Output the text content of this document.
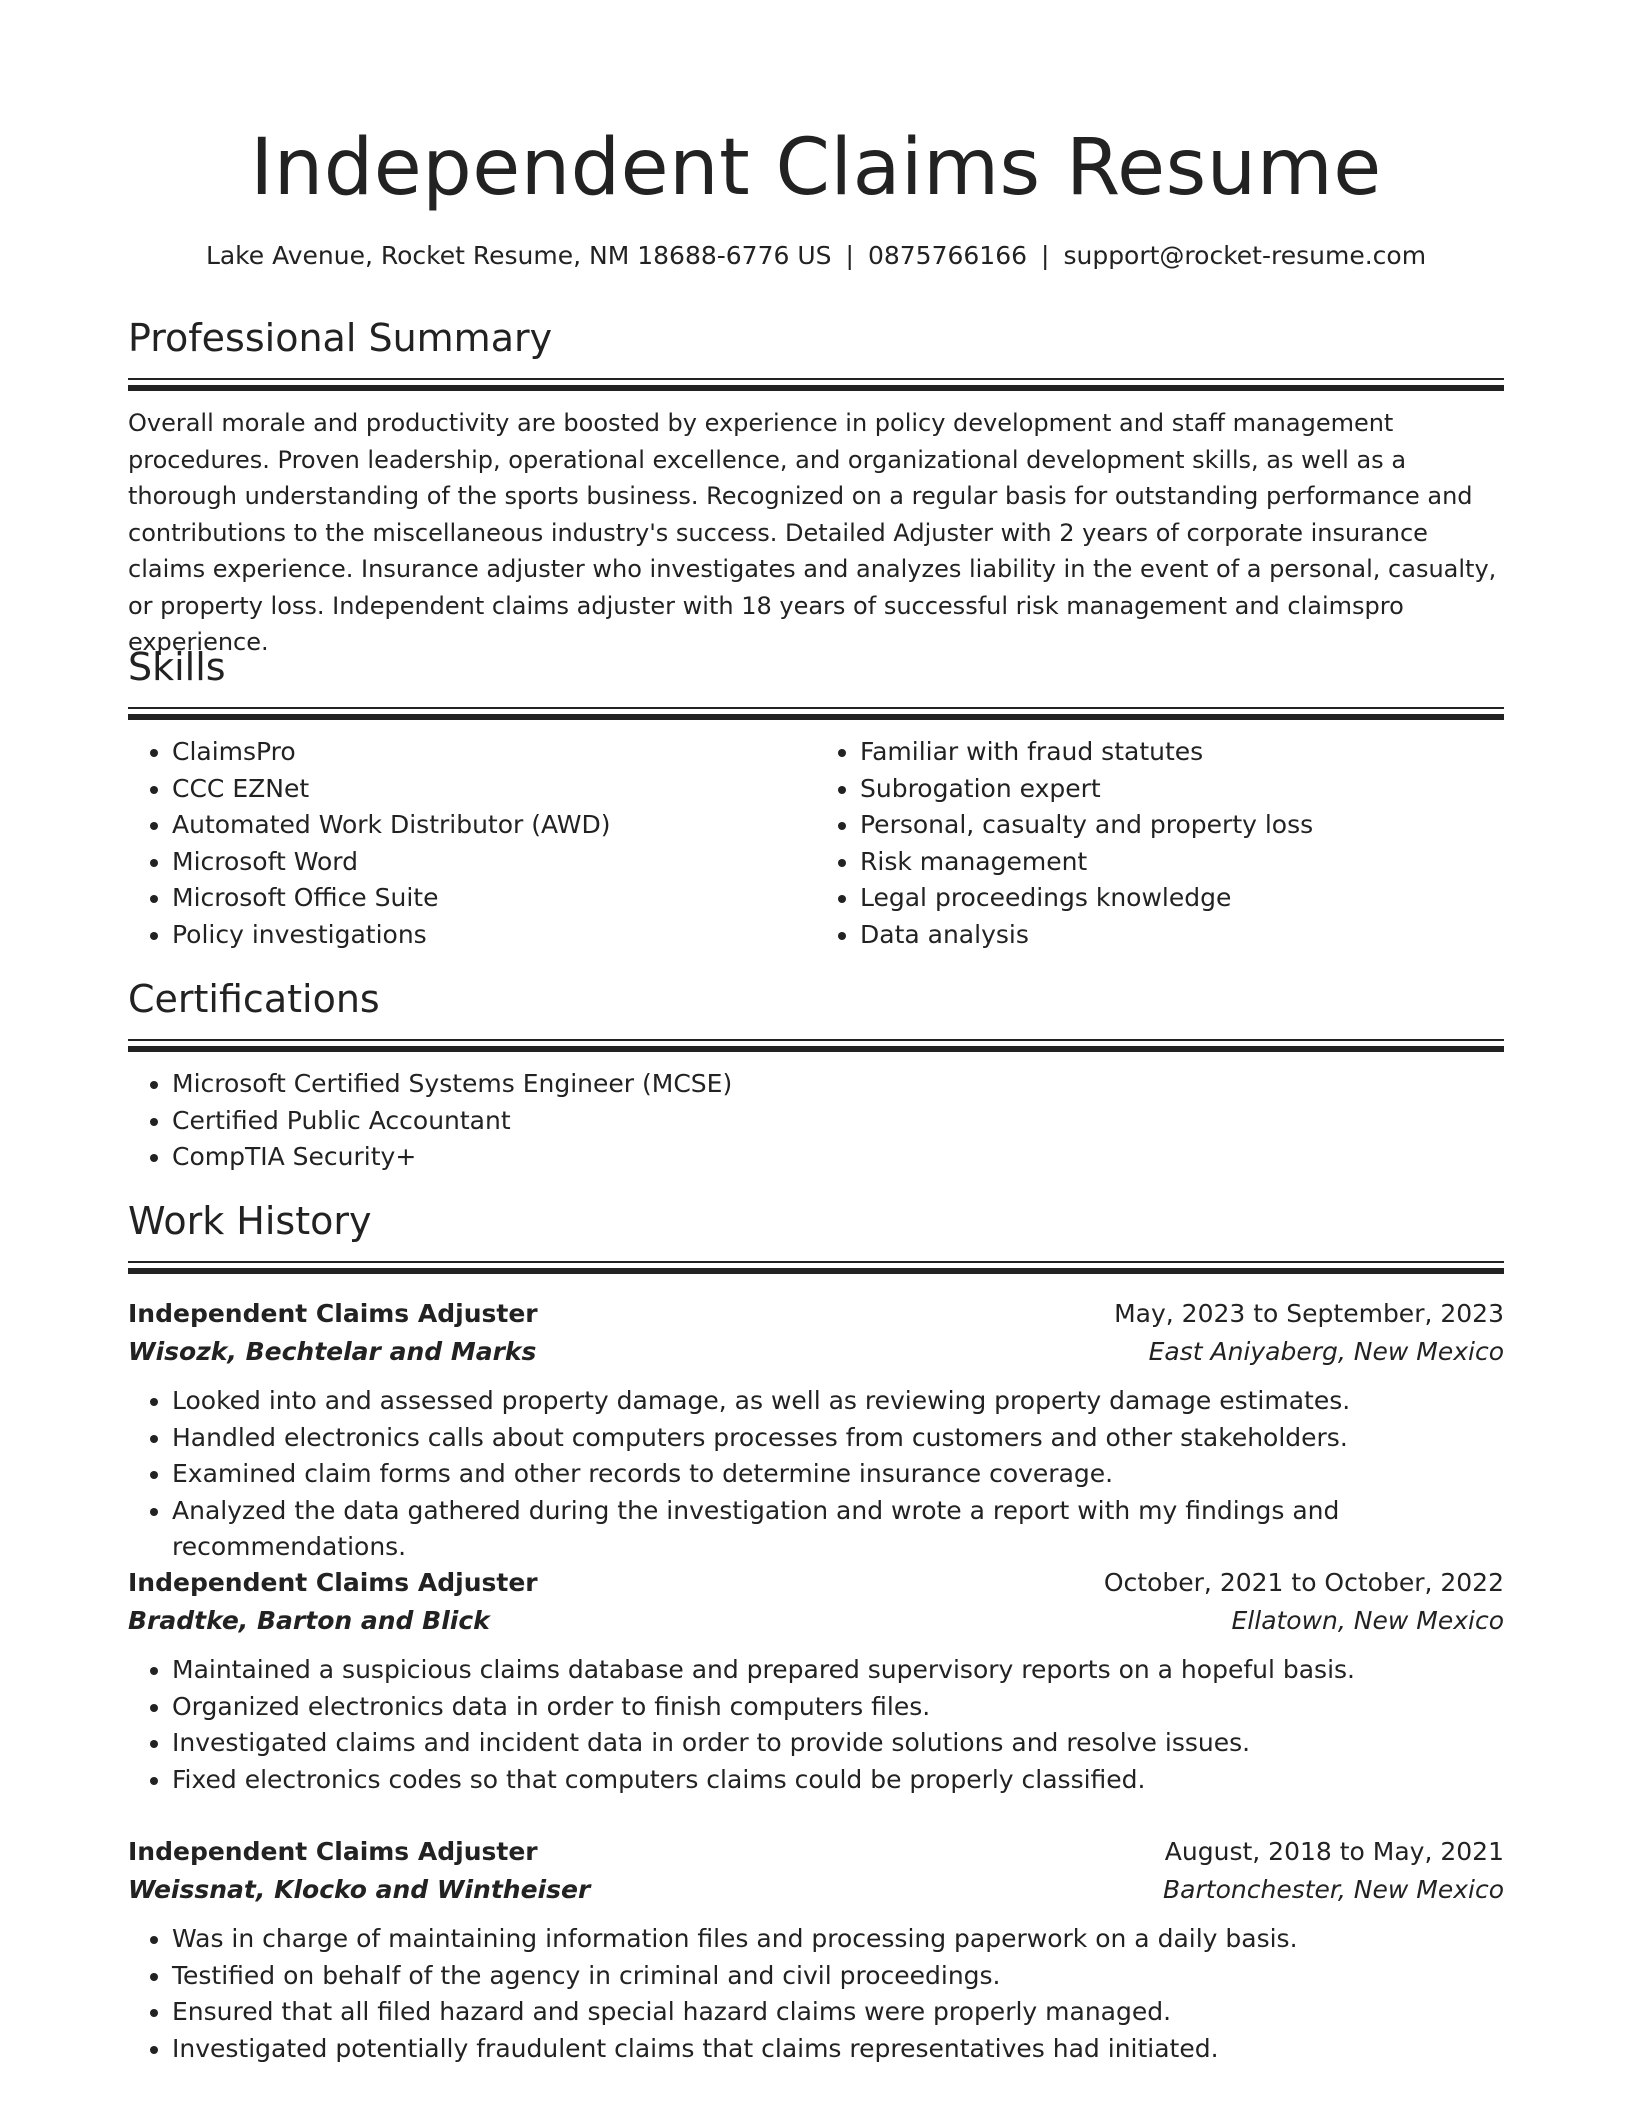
Independent Claims Resume
Lake Avenue, Rocket Resume, NM 18688-6776 US | 0875766166 | support@rocket-resume.com
Professional Summary
Overall morale and productivity are boosted by experience in policy development and staff management procedures. Proven leadership, operational excellence, and organizational development skills, as well as a thorough understanding of the sports business. Recognized on a regular basis for outstanding performance and contributions to the miscellaneous industry's success. Detailed Adjuster with 2 years of corporate insurance claims experience. Insurance adjuster who investigates and analyzes liability in the event of a personal, casualty, or property loss. Independent claims adjuster with 18 years of successful risk management and claimspro experience.
Skills
• ClaimsPro
• CCC EZNet
• Automated Work Distributor (AWD)
• Microsoft Word
• Microsoft Office Suite
• Policy investigations
• Familiar with fraud statutes
• Subrogation expert
• Personal, casualty and property loss
• Risk management
• Legal proceedings knowledge
• Data analysis
Certifications
• Microsoft Certified Systems Engineer (MCSE)
• Certified Public Accountant
• CompTIA Security+
Work History
Independent Claims Adjuster	May, 2023 to September, 2023
Wisozk, Bechtelar and Marks	East Aniyaberg, New Mexico
• Looked into and assessed property damage, as well as reviewing property damage estimates.
• Handled electronics calls about computers processes from customers and other stakeholders.
• Examined claim forms and other records to determine insurance coverage.
• Analyzed the data gathered during the investigation and wrote a report with my findings and recommendations.
Independent Claims Adjuster	October, 2021 to October, 2022
Bradtke, Barton and Blick	Ellatown, New Mexico
• Maintained a suspicious claims database and prepared supervisory reports on a hopeful basis.
• Organized electronics data in order to finish computers files.
• Investigated claims and incident data in order to provide solutions and resolve issues.
• Fixed electronics codes so that computers claims could be properly classified.
Independent Claims Adjuster	August, 2018 to May, 2021
Weissnat, Klocko and Wintheiser	Bartonchester, New Mexico
• Was in charge of maintaining information files and processing paperwork on a daily basis.
• Testified on behalf of the agency in criminal and civil proceedings.
• Ensured that all filed hazard and special hazard claims were properly managed.
• Investigated potentially fraudulent claims that claims representatives had initiated.
